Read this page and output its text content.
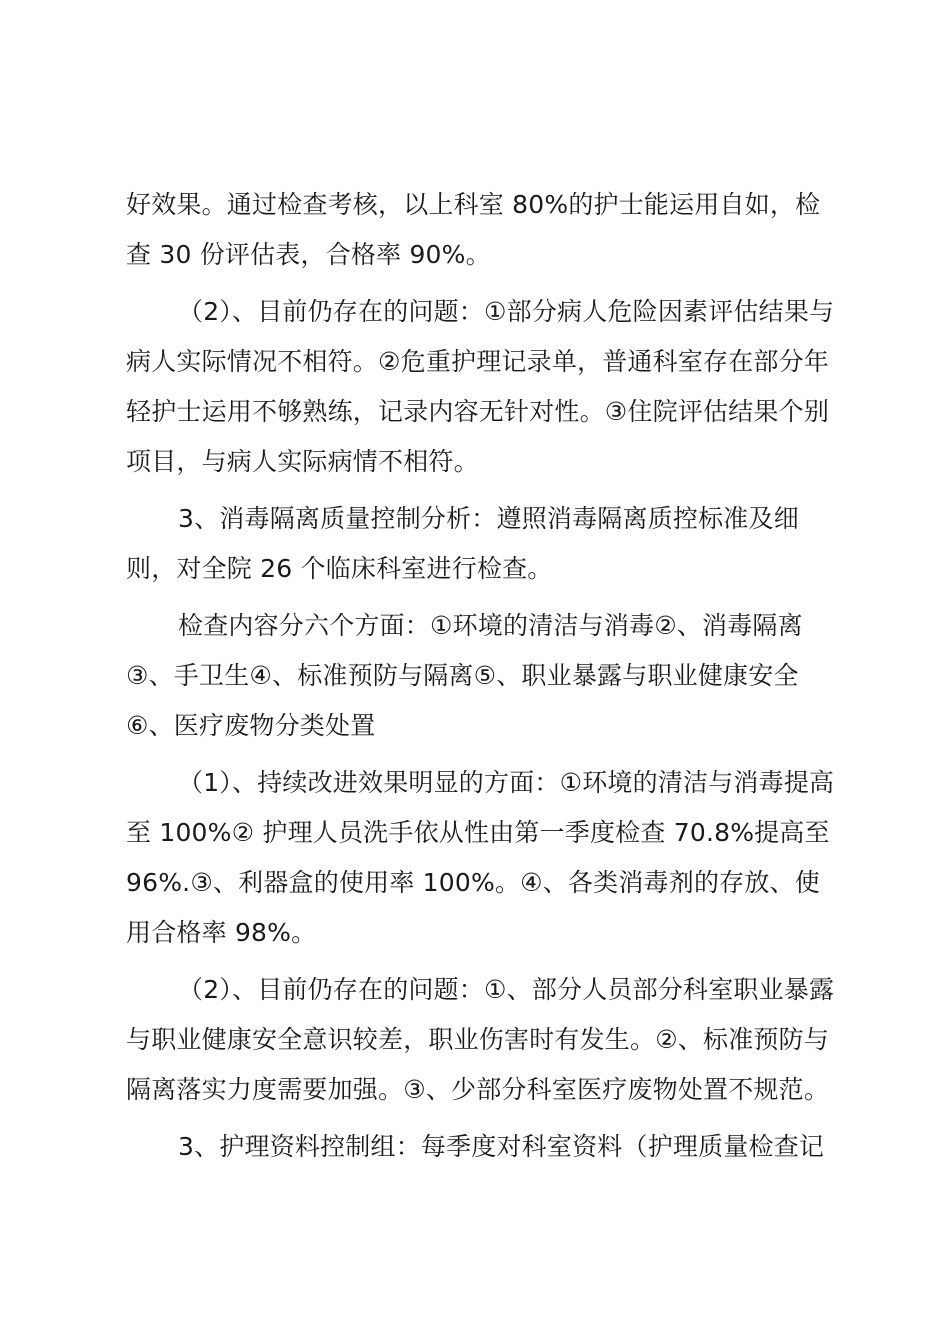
好效果。通过检查考核，以上科室 80%的护士能运用自如，检查 30 份评估表，合格率 90%。

（2）、目前仍存在的问题：①部分病人危险因素评估结果与病人实际情况不相符。②危重护理记录单，普通科室存在部分年轻护士运用不够熟练，记录内容无针对性。③住院评估结果个别项目，与病人实际病情不相符。

3、消毒隔离质量控制分析：遵照消毒隔离质控标准及细则，对全院 26 个临床科室进行检查。

检查内容分六个方面：①环境的清洁与消毒②、消毒隔离③、手卫生④、标准预防与隔离⑤、职业暴露与职业健康安全⑥、医疗废物分类处置

（1）、持续改进效果明显的方面：①环境的清洁与消毒提高至 100%② 护理人员洗手依从性由第一季度检查 70.8%提高至 96%.③、利器盒的使用率 100%。④、各类消毒剂的存放、使用合格率 98%。

（2）、目前仍存在的问题：①、部分人员部分科室职业暴露与职业健康安全意识较差，职业伤害时有发生。②、标准预防与隔离落实力度需要加强。③、少部分科室医疗废物处置不规范。

3、护理资料控制组：每季度对科室资料（护理质量检查记
